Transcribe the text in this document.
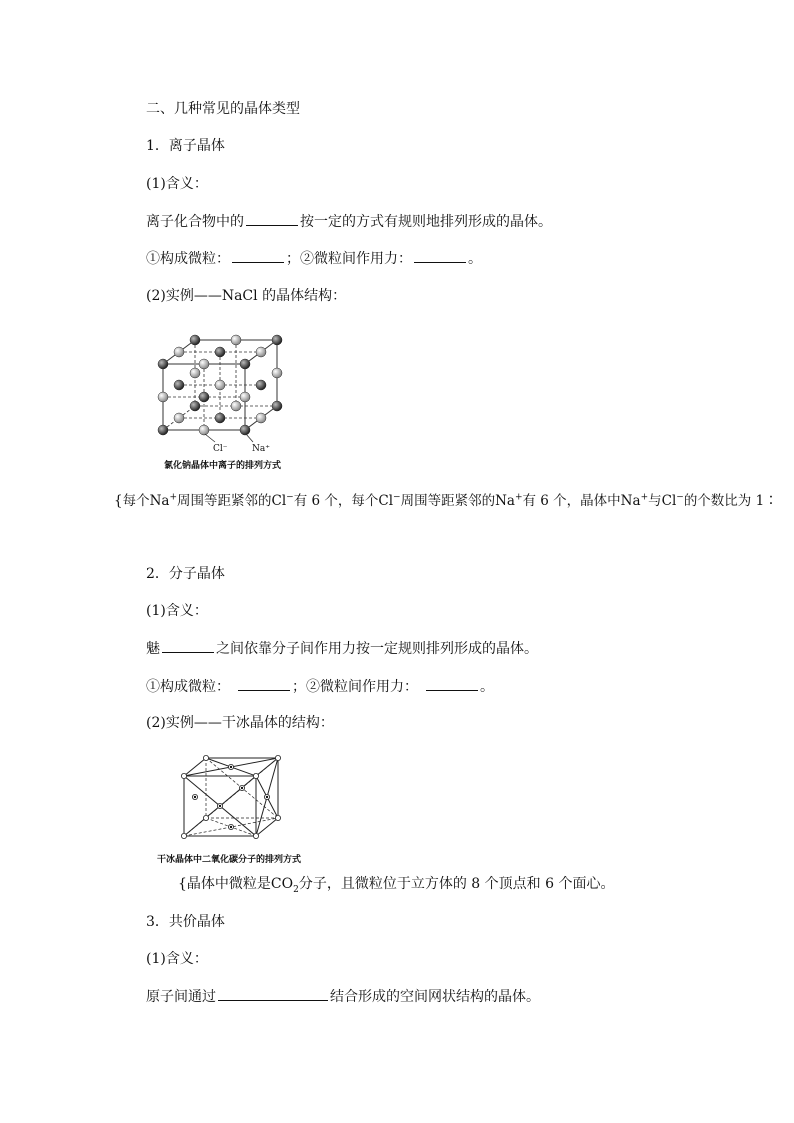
二、几种常见的晶体类型
1．离子晶体
(1)含义：
离子化合物中的	按一定的方式有规则地排列形成的晶体。
①构成微粒：	；②微粒间作用力：	。
(2)实例——NaCl 的晶体结构：
Cl⁻	Na⁺
氯化钠晶体中离子的排列方式
{每个Na+周围等距紧邻的Cl−有 6 个，每个Cl−周围等距紧邻的Na+有 6 个，晶体中Na+与Cl−的个数比为 1∶
2．分子晶体
(1)含义：
魅	之间依靠分子间作用力按一定规则排列形成的晶体。
①构成微粒：	；②微粒间作用力：	。
(2)实例——干冰晶体的结构：
干冰晶体中二氧化碳分子的排列方式
{晶体中微粒是$CO_2$分子，且微粒位于立方体的 8 个顶点和 6 个面心。
3．共价晶体
(1)含义：
原子间通过	结合形成的空间网状结构的晶体。
